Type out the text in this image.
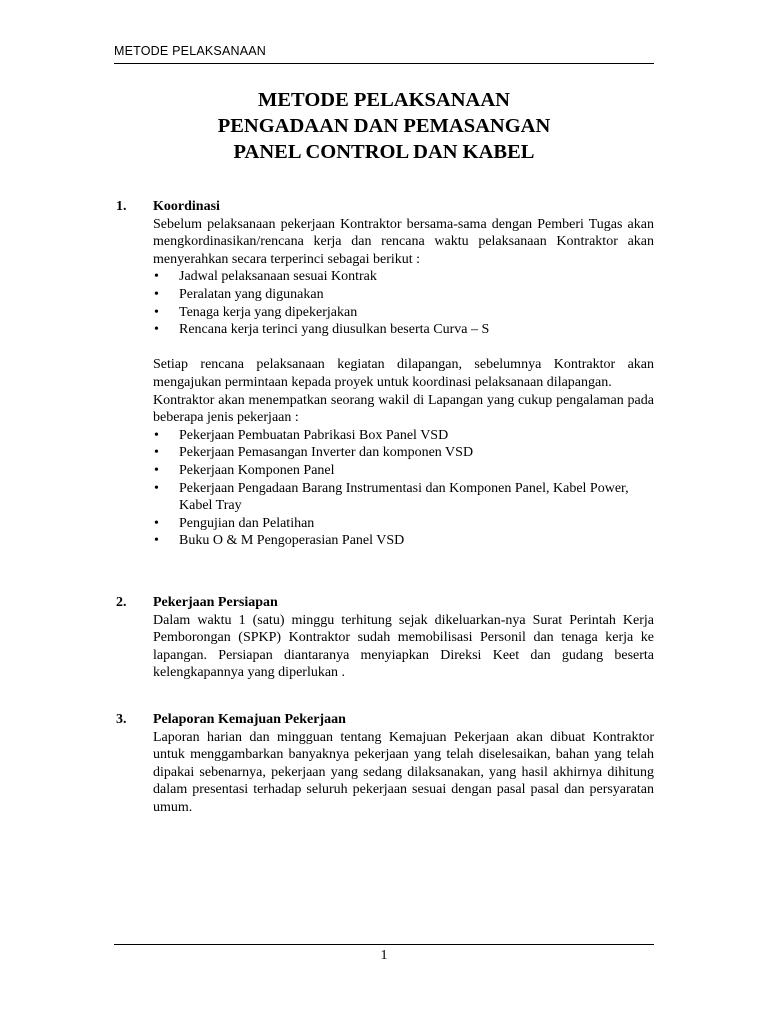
METODE PELAKSANAAN
METODE PELAKSANAAN
PENGADAAN DAN PEMASANGAN
PANEL CONTROL DAN KABEL
1. Koordinasi
Sebelum pelaksanaan pekerjaan Kontraktor bersama-sama dengan Pemberi Tugas akan mengkordinasikan/rencana kerja dan rencana waktu pelaksanaan Kontraktor akan menyerahkan secara terperinci sebagai berikut :
• Jadwal pelaksanaan sesuai Kontrak
• Peralatan yang digunakan
• Tenaga kerja yang dipekerjakan
• Rencana kerja terinci yang diusulkan beserta Curva – S
Setiap rencana pelaksanaan kegiatan dilapangan, sebelumnya Kontraktor akan mengajukan permintaan kepada proyek untuk koordinasi pelaksanaan dilapangan.
Kontraktor akan menempatkan seorang wakil di Lapangan yang cukup pengalaman pada beberapa jenis pekerjaan :
• Pekerjaan Pembuatan Pabrikasi Box Panel VSD
• Pekerjaan Pemasangan Inverter dan komponen VSD
• Pekerjaan Komponen Panel
• Pekerjaan Pengadaan Barang Instrumentasi dan Komponen Panel, Kabel Power, Kabel Tray
• Pengujian dan Pelatihan
• Buku O & M Pengoperasian Panel VSD
2. Pekerjaan Persiapan
Dalam waktu 1 (satu) minggu terhitung sejak dikeluarkan-nya Surat Perintah Kerja Pemborongan (SPKP) Kontraktor sudah memobilisasi Personil dan tenaga kerja ke lapangan. Persiapan diantaranya menyiapkan Direksi Keet dan gudang beserta kelengkapannya yang diperlukan .
3. Pelaporan Kemajuan Pekerjaan
Laporan harian dan mingguan tentang Kemajuan Pekerjaan akan dibuat Kontraktor untuk menggambarkan banyaknya pekerjaan yang telah diselesaikan, bahan yang telah dipakai sebenarnya, pekerjaan yang sedang dilaksanakan, yang hasil akhirnya dihitung dalam presentasi terhadap seluruh pekerjaan sesuai dengan pasal pasal dan persyaratan umum.
1
